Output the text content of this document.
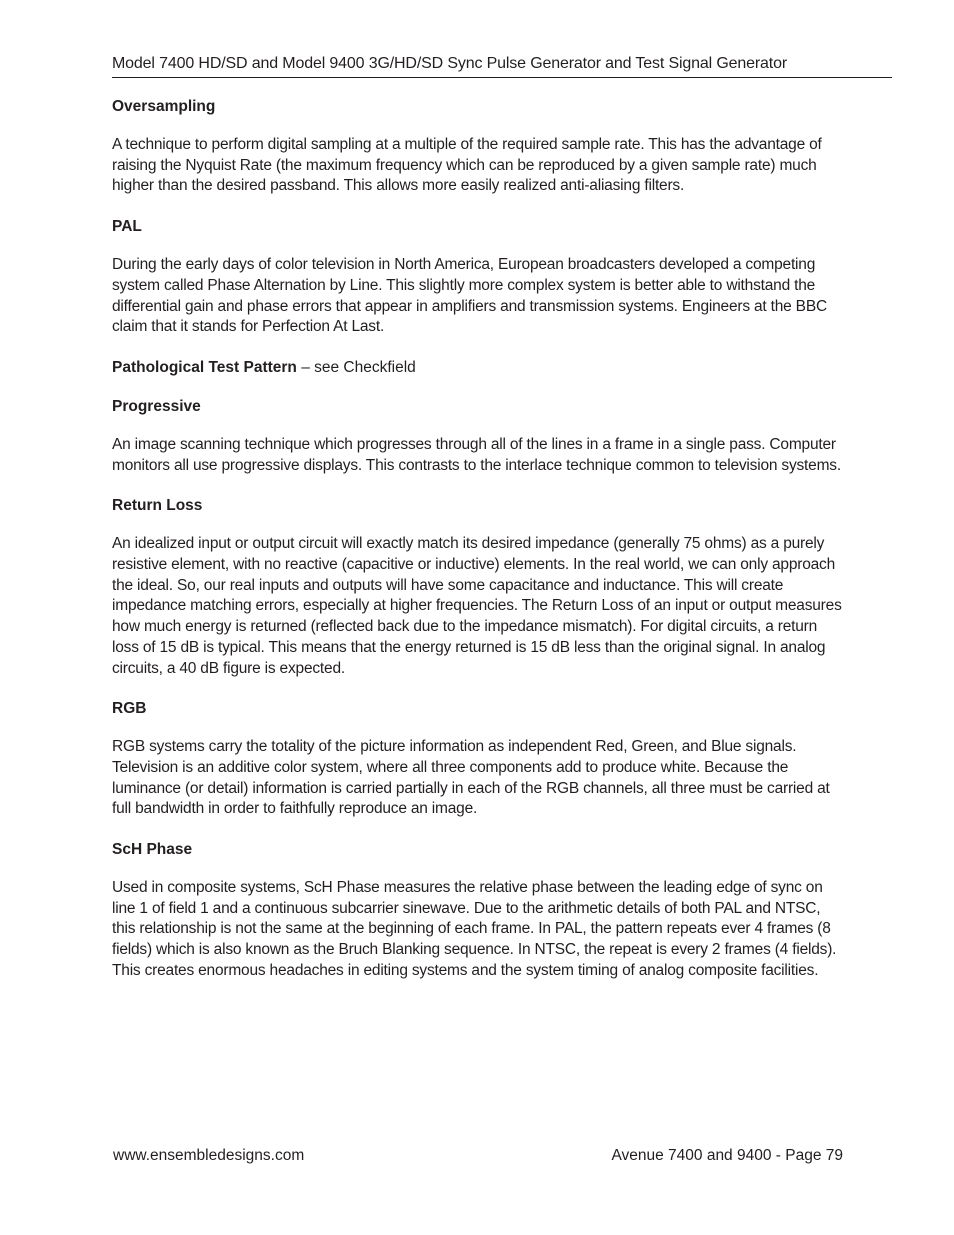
Model 7400 HD/SD and Model 9400 3G/HD/SD Sync Pulse Generator and Test Signal Generator
Oversampling
A technique to perform digital sampling at a multiple of the required sample rate. This has the advantage of raising the Nyquist Rate (the maximum frequency which can be reproduced by a given sample rate) much higher than the desired passband. This allows more easily realized anti-aliasing filters.
PAL
During the early days of color television in North America, European broadcasters developed a competing system called Phase Alternation by Line. This slightly more complex system is better able to withstand the differential gain and phase errors that appear in amplifiers and transmission systems. Engineers at the BBC claim that it stands for Perfection At Last.
Pathological Test Pattern – see Checkfield
Progressive
An image scanning technique which progresses through all of the lines in a frame in a single pass. Computer monitors all use progressive displays. This contrasts to the interlace technique common to television systems.
Return Loss
An idealized input or output circuit will exactly match its desired impedance (generally 75 ohms) as a purely resistive element, with no reactive (capacitive or inductive) elements. In the real world, we can only approach the ideal. So, our real inputs and outputs will have some capacitance and inductance. This will create impedance matching errors, especially at higher frequencies. The Return Loss of an input or output measures how much energy is returned (reflected back due to the impedance mismatch). For digital circuits, a return loss of 15 dB is typical. This means that the energy returned is 15 dB less than the original signal. In analog circuits, a 40 dB figure is expected.
RGB
RGB systems carry the totality of the picture information as independent Red, Green, and Blue signals. Television is an additive color system, where all three components add to produce white. Because the luminance (or detail) information is carried partially in each of the RGB channels, all three must be carried at full bandwidth in order to faithfully reproduce an image.
ScH Phase
Used in composite systems, ScH Phase measures the relative phase between the leading edge of sync on line 1 of field 1 and a continuous subcarrier sinewave. Due to the arithmetic details of both PAL and NTSC, this relationship is not the same at the beginning of each frame. In PAL, the pattern repeats ever 4 frames (8 fields) which is also known as the Bruch Blanking sequence. In NTSC, the repeat is every 2 frames (4 fields). This creates enormous headaches in editing systems and the system timing of analog composite facilities.
www.ensembledesigns.com	Avenue 7400 and 9400 - Page 79
